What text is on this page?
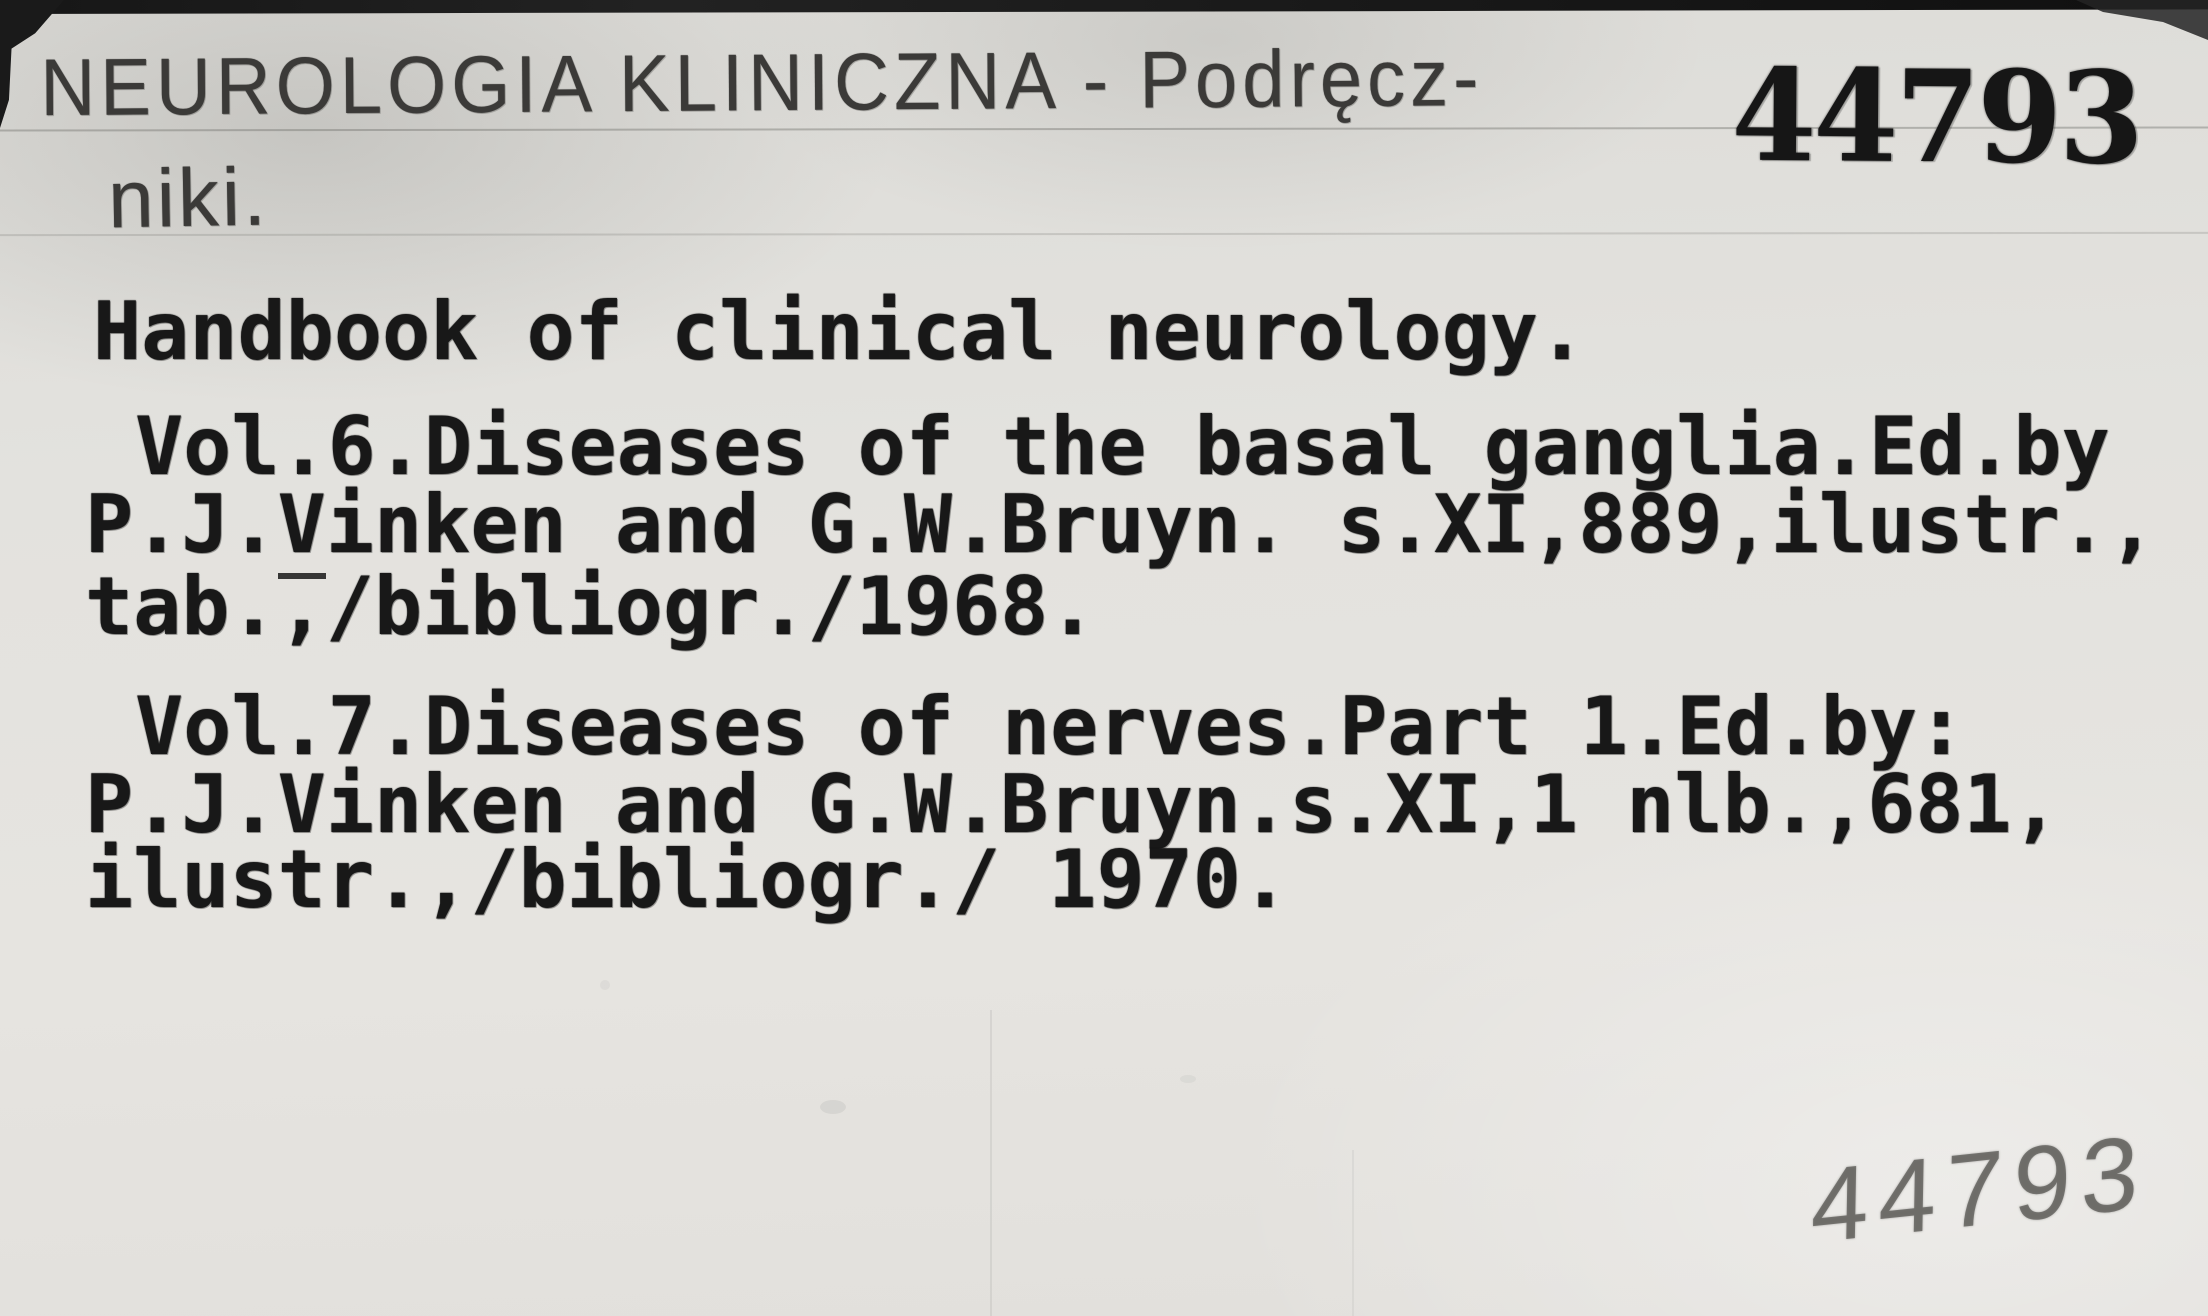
NEUROLOGIA KLINICZNA - Podręcz- 44793
niki.
Handbook of clinical neurology.
Vol.6.Diseases of the basal ganglia.Ed.by
P.J.Vinken and G.W.Bruyn. s.XI,889,ilustr.,
tab.,/bibliogr./1968.
Vol.7.Diseases of nerves.Part 1.Ed.by:
P.J.Vinken and G.W.Bruyn.s.XI,1 nlb.,681,
ilustr.,/bibliogr./ 1970.
44793
